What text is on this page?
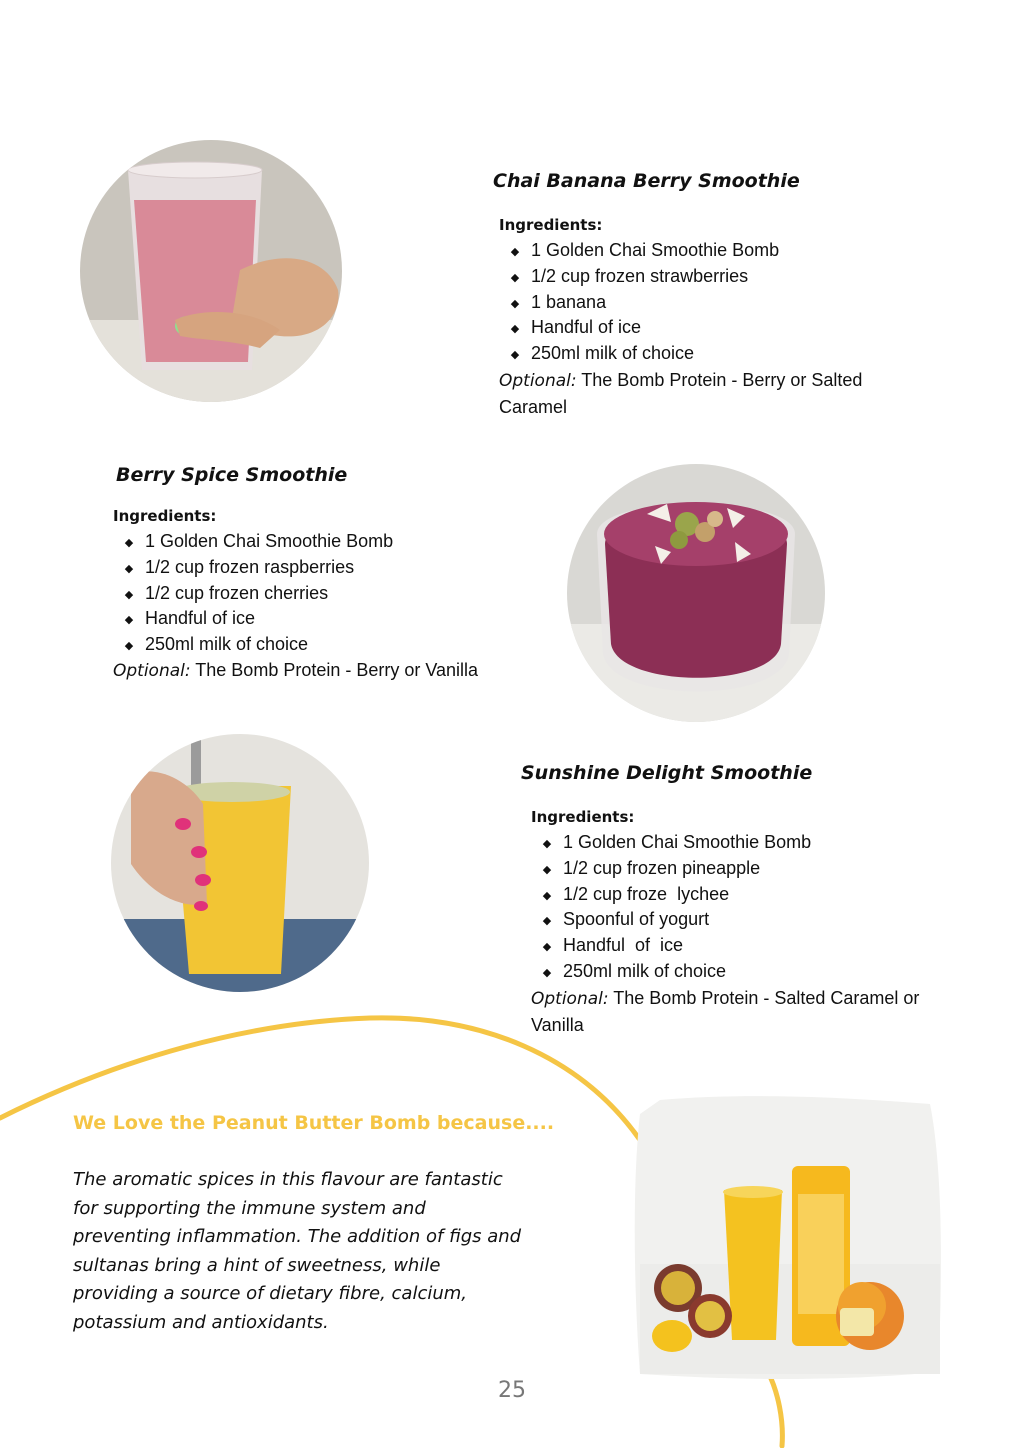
Chai Banana Berry Smoothie
Ingredients:
◆ 1 Golden Chai Smoothie Bomb
◆ 1/2 cup frozen strawberries
◆ 1 banana
◆ Handful of ice
◆ 250ml milk of choice

Optional: The Bomb Protein - Berry or Salted Caramel

Berry Spice Smoothie
Ingredients:
◆ 1 Golden Chai Smoothie Bomb
◆ 1/2 cup frozen raspberries
◆ 1/2 cup frozen cherries
◆ Handful of ice
◆ 250ml milk of choice

Optional: The Bomb Protein - Berry or Vanilla

Sunshine Delight Smoothie
Ingredients:
◆ 1 Golden Chai Smoothie Bomb
◆ 1/2 cup frozen pineapple
◆ 1/2 cup froze  lychee
◆ Spoonful of yogurt
◆ Handful  of  ice
◆ 250ml milk of choice

Optional: The Bomb Protein - Salted Caramel or Vanilla

We Love the Peanut Butter Bomb because....

The aromatic spices in this flavour are fantastic for supporting the immune system and preventing inflammation. The addition of figs and sultanas bring a hint of sweetness, while providing a source of dietary fibre, calcium, potassium and antioxidants.

25
